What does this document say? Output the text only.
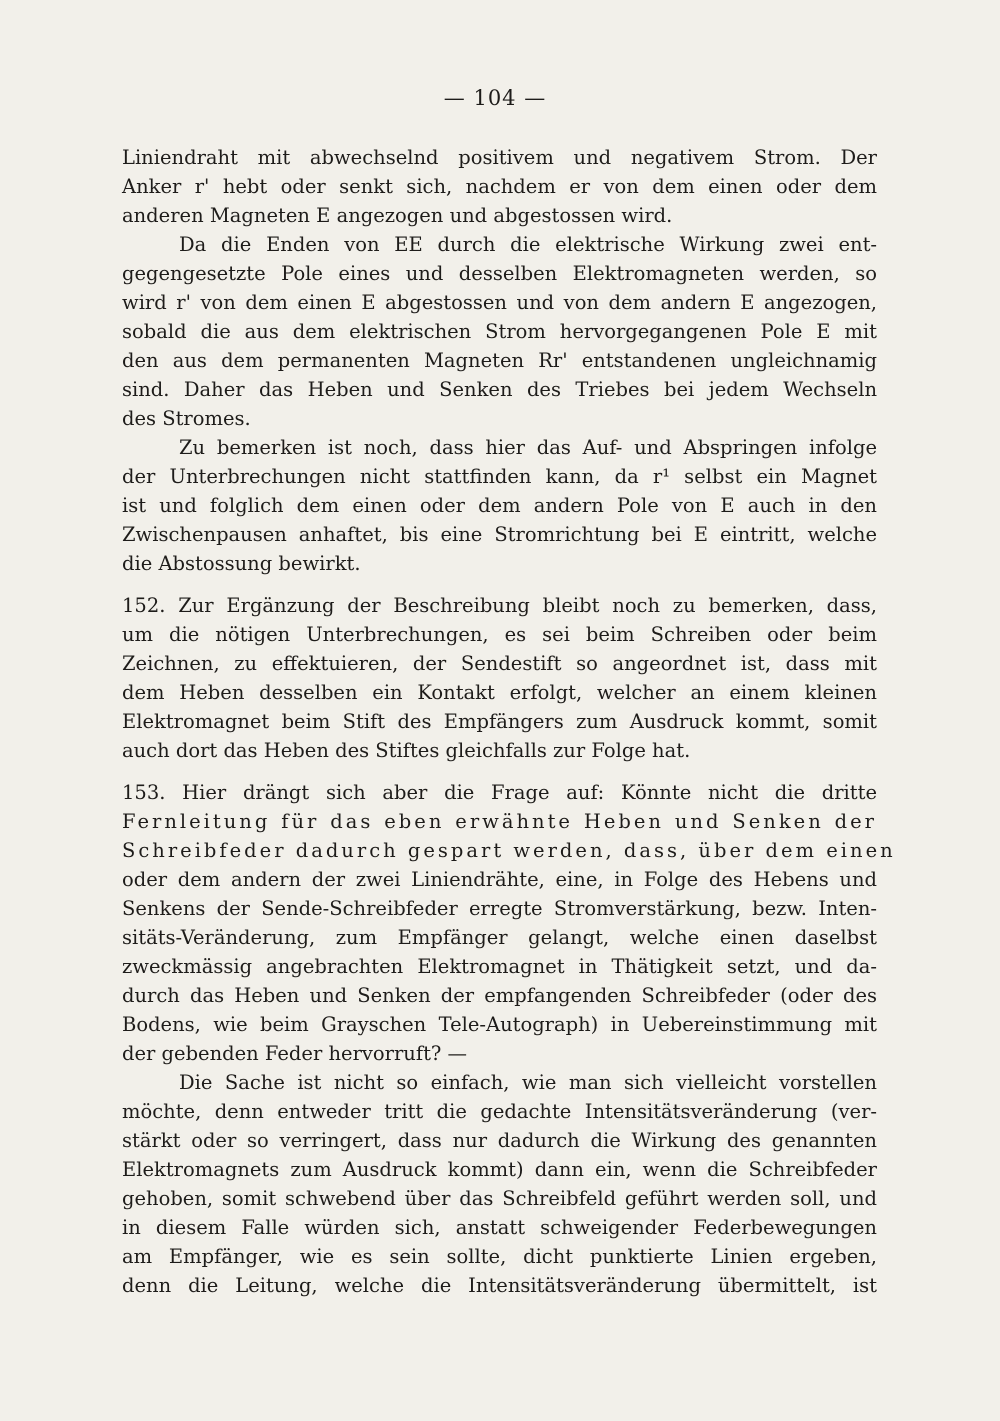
— 104 —
Liniendraht mit abwechselnd positivem und negativem Strom. Der
Anker r' hebt oder senkt sich, nachdem er von dem einen oder dem
anderen Magneten E angezogen und abgestossen wird.
Da die Enden von EE durch die elektrische Wirkung zwei ent-
gegengesetzte Pole eines und desselben Elektromagneten werden, so
wird r' von dem einen E abgestossen und von dem andern E angezogen,
sobald die aus dem elektrischen Strom hervorgegangenen Pole E mit
den aus dem permanenten Magneten Rr' entstandenen ungleichnamig
sind. Daher das Heben und Senken des Triebes bei jedem Wechseln
des Stromes.
Zu bemerken ist noch, dass hier das Auf- und Abspringen infolge
der Unterbrechungen nicht stattfinden kann, da r¹ selbst ein Magnet
ist und folglich dem einen oder dem andern Pole von E auch in den
Zwischenpausen anhaftet, bis eine Stromrichtung bei E eintritt, welche
die Abstossung bewirkt.
152. Zur Ergänzung der Beschreibung bleibt noch zu bemerken, dass,
um die nötigen Unterbrechungen, es sei beim Schreiben oder beim
Zeichnen, zu effektuieren, der Sendestift so angeordnet ist, dass mit
dem Heben desselben ein Kontakt erfolgt, welcher an einem kleinen
Elektromagnet beim Stift des Empfängers zum Ausdruck kommt, somit
auch dort das Heben des Stiftes gleichfalls zur Folge hat.
153. Hier drängt sich aber die Frage auf: Könnte nicht die dritte
Fernleitung für das eben erwähnte Heben und Senken der
Schreibfeder dadurch gespart werden, dass, über dem einen
oder dem andern der zwei Liniendrähte, eine, in Folge des Hebens und
Senkens der Sende-Schreibfeder erregte Stromverstärkung, bezw. Inten-
sitäts-Veränderung, zum Empfänger gelangt, welche einen daselbst
zweckmässig angebrachten Elektromagnet in Thätigkeit setzt, und da-
durch das Heben und Senken der empfangenden Schreibfeder (oder des
Bodens, wie beim Grayschen Tele-Autograph) in Uebereinstimmung mit
der gebenden Feder hervorruft? —
Die Sache ist nicht so einfach, wie man sich vielleicht vorstellen
möchte, denn entweder tritt die gedachte Intensitätsveränderung (ver-
stärkt oder so verringert, dass nur dadurch die Wirkung des genannten
Elektromagnets zum Ausdruck kommt) dann ein, wenn die Schreibfeder
gehoben, somit schwebend über das Schreibfeld geführt werden soll, und
in diesem Falle würden sich, anstatt schweigender Federbewegungen
am Empfänger, wie es sein sollte, dicht punktierte Linien ergeben,
denn die Leitung, welche die Intensitätsveränderung übermittelt, ist
